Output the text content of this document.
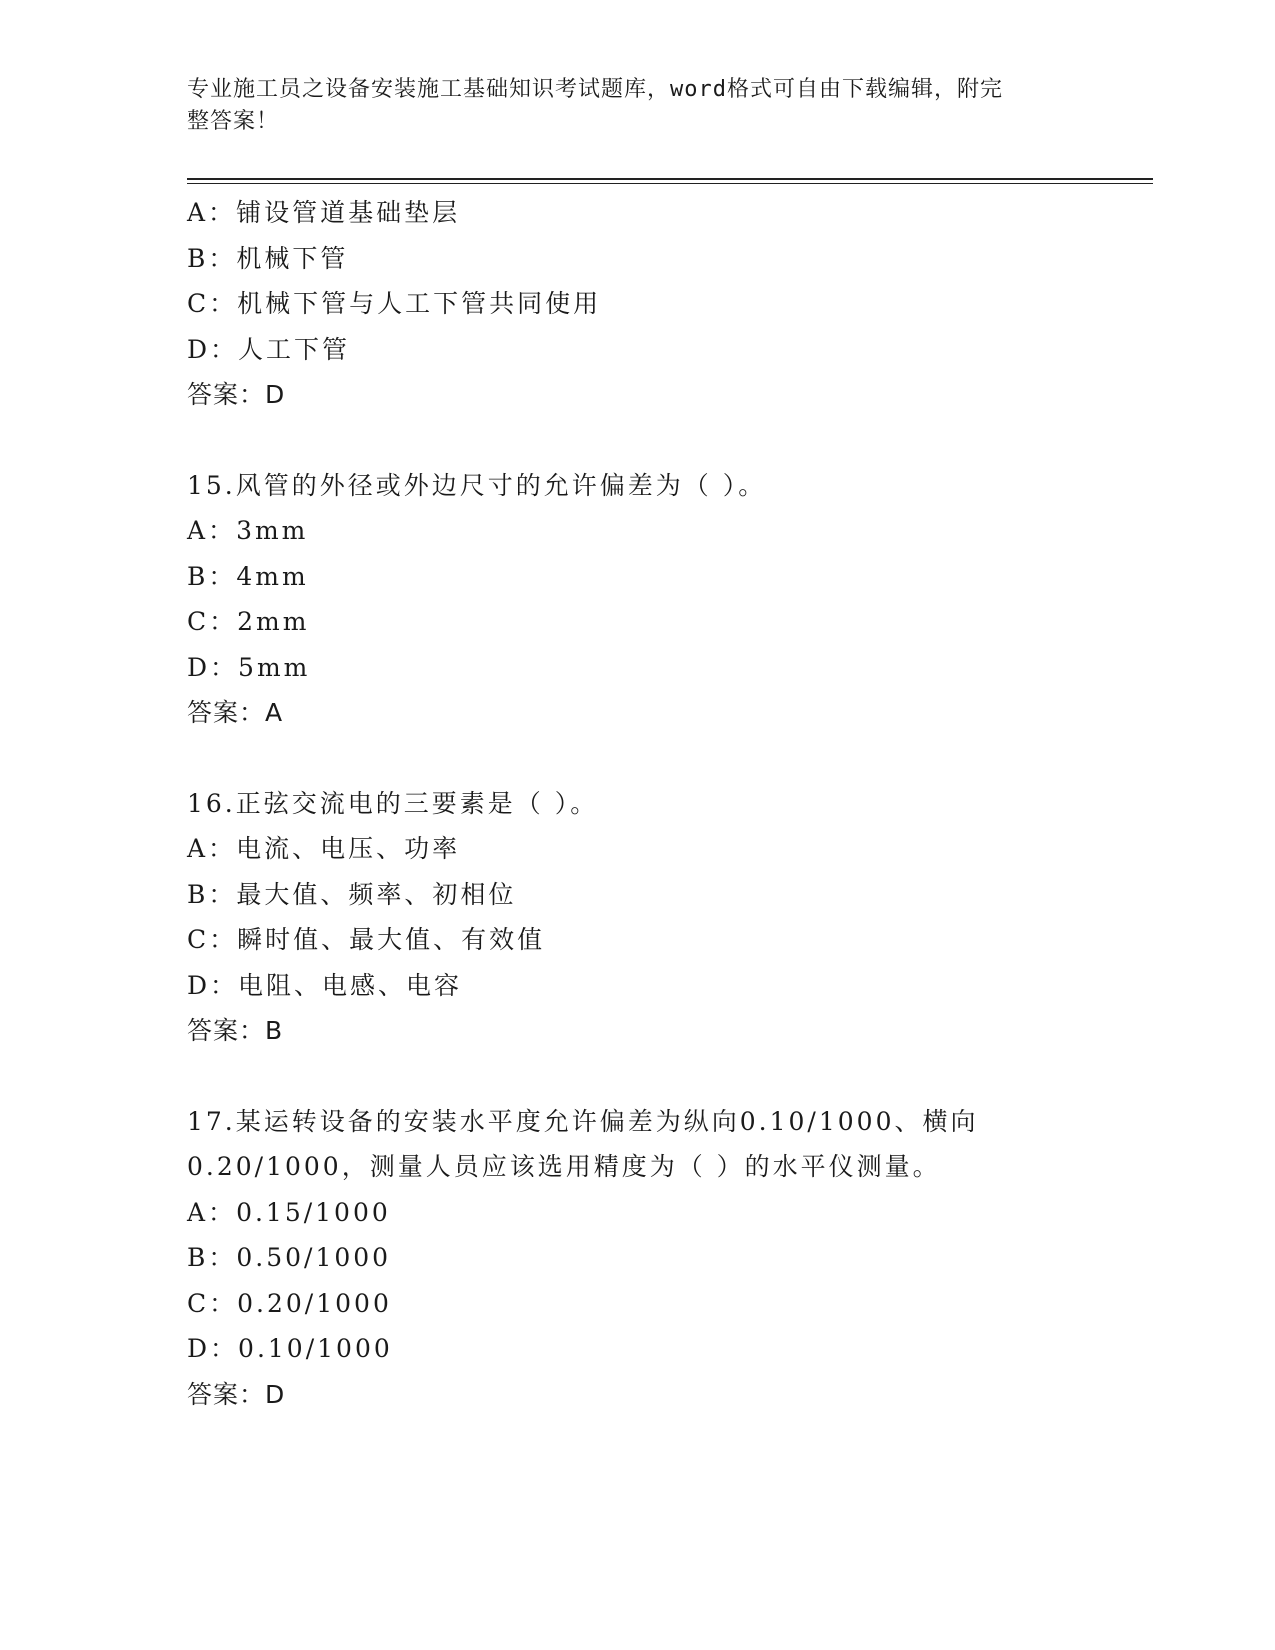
专业施工员之设备安装施工基础知识考试题库，word格式可自由下载编辑，附完
整答案！
A：铺设管道基础垫层
B：机械下管
C：机械下管与人工下管共同使用
D：人工下管
答案：D
15.风管的外径或外边尺寸的允许偏差为（ ）。
A：3mm
B：4mm
C：2mm
D：5mm
答案：A
16.正弦交流电的三要素是（ ）。
A：电流、电压、功率
B：最大值、频率、初相位
C：瞬时值、最大值、有效值
D：电阻、电感、电容
答案：B
17.某运转设备的安装水平度允许偏差为纵向0.10/1000、横向
0.20/1000，测量人员应该选用精度为（ ）的水平仪测量。
A：0.15/1000
B：0.50/1000
C：0.20/1000
D：0.10/1000
答案：D
